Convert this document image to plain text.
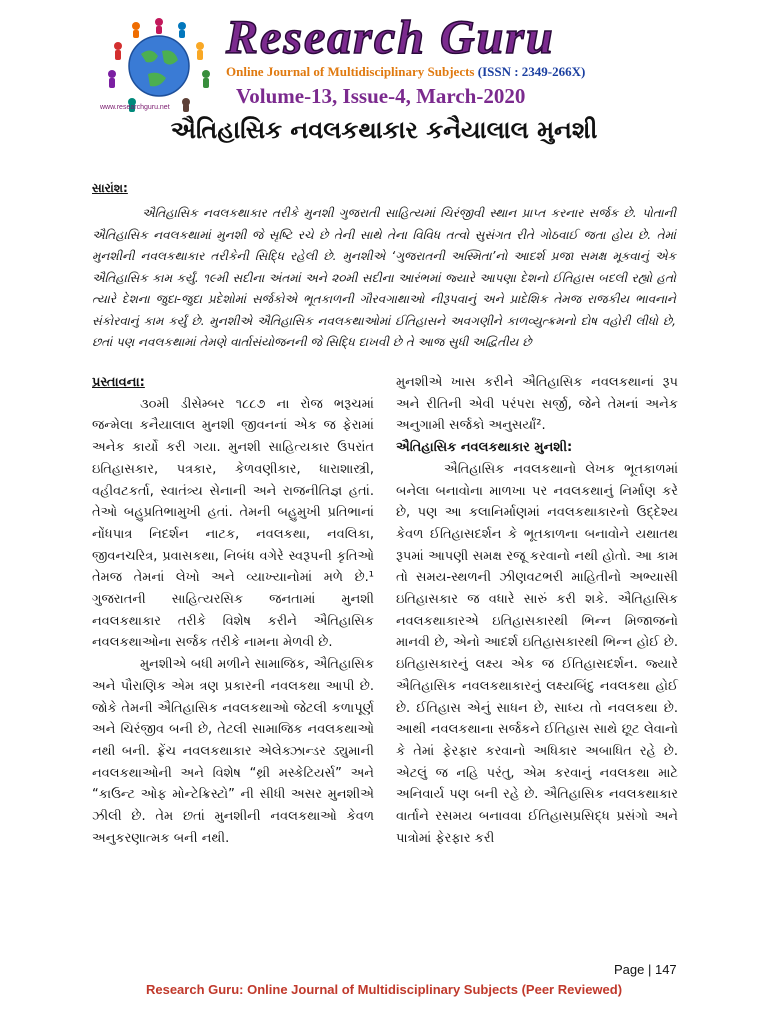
www.researchguru.net
Research Guru
Online Journal of Multidisciplinary Subjects (ISSN : 2349-266X)
Volume-13, Issue-4, March-2020
ઐતિહાસિક નવલકથાકાર કનૈયાલાલ મુનશી
સારાંશ:
ઐતિહાસિક નવલકથાકાર તરીકે મુનશી ગુજરાતી સાહિત્યમાં ચિરંજીવી સ્થાન પ્રાપ્ત કરનાર સર્જક છે. પોતાની ઐતિહાસિક નવલકથામાં મુનશી જે સૃષ્ટિ રચે છે તેની સાથે તેના વિવિધ તત્વો સુસંગત રીતે ગોઠવાઈ જતા હોય છે. તેમાં મુનશીની નવલકથાકાર તરીકેની સિદ્ધિ રહેલી છે. મુનશીએ ‘ગુજરાતની અસ્મિતા’નો આદર્શ પ્રજા સમક્ષ મૂકવાનું એક ઐતિહાસિક કામ કર્યું. ૧૯મી સદીના અંતમાં અને ૨૦મી સદીના આરંભમાં જ્યારે આપણા દેશનો ઈતિહાસ બદલી રહ્યો હતો ત્યારે દેશના જુદા-જુદા પ્રદેશોમાં સર્જકોએ ભૂતકાળની ગૌરવગાથાઓ નીરૂપવાનું અને પ્રાદેશિક તેમજ રાજકીય ભાવનાને સંકોરવાનું કામ કર્યું છે. મુનશીએ ઐતિહાસિક નવલકથાઓમાં ઈતિહાસને અવગણીને કાળવ્યુત્ક્રમનો દોષ વહોરી લીધો છે, છતાં પણ નવલકથામાં તેમણે વાર્તાસંયોજનની જે સિદ્ધિ દાખવી છે તે આજ સુધી અદ્વિતીય છે

પ્રસ્તાવના:

૩૦મી ડીસેમ્બર ૧૮૮૭ ના રોજ ભરૂચમાં જન્મેલા કનૈયાલાલ મુનશી જીવનનાં એક જ ફેરામાં અનેક કાર્યો કરી ગયા. મુનશી સાહિત્યકાર ઉપરાંત ઇતિહાસકાર, પત્રકાર, કેળવણીકાર, ધારાશાસ્ત્રી, વહીવટકર્તા, સ્વાતંત્ર્ય સેનાની અને રાજનીતિજ્ઞ હતાં. તેઓ બહુપ્રતિભામુખી હતાં. તેમની બહુમુખી પ્રતિભાનાં નોંધપાત્ર નિદર્શન નાટક, નવલકથા, નવલિકા, જીવનચરિત્ર, પ્રવાસકથા, નિબંધ વગેરે સ્વરૂપની કૃતિઓ તેમજ તેમનાં લેખો અને વ્યાખ્યાનોમાં મળે છે.¹ ગુજરાતની સાહિત્યરસિક જનતામાં મુનશી નવલકથાકાર તરીકે વિશેષ કરીને ઐતિહાસિક નવલકથાઓના સર્જક તરીકે નામના મેળવી છે.

મુનશીએ બધી મળીને સામાજિક, ઐતિહાસિક અને પૌરાણિક એમ ત્રણ પ્રકારની નવલકથા આપી છે. જોકે તેમની ઐતિહાસિક નવલકથાઓ જેટલી કળાપૂર્ણ અને ચિરંજીવ બની છે, તેટલી સામાજિક નવલકથાઓ નથી બની. ફ્રેંચ નવલકથાકાર એલેક્ઝાન્ડર ડ્યુમાની નવલકથાઓની અને વિશેષ “થ્રી મસ્કેટિયર્સ” અને “કાઉન્ટ ઓફ મોન્ટેક્રિસ્ટો” ની સીધી અસર મુનશીએ ઝીલી છે. તેમ છતાં મુનશીની નવલકથાઓ કેવળ અનુકરણાત્મક બની નથી.

મુનશીએ ખાસ કરીને ઐતિહાસિક નવલકથાનાં રૂપ અને રીતિની એવી પરંપરા સર્જી, જેને તેમનાં અનેક અનુગામી સર્જકો અનુસર્યાં².

ઐતિહાસિક નવલકથાકાર મુનશી:

ઐતિહાસિક નવલકથાનો લેખક ભૂતકાળમાં બનેલા બનાવોના માળખા પર નવલકથાનું નિર્માણ કરે છે, પણ આ કલાનિર્માણમાં નવલકથાકારનો ઉદ્દેશ્ય કેવળ ઈતિહાસદર્શન કે ભૂતકાળના બનાવોને યથાતથ રૂપમાં આપણી સમક્ષ રજૂ કરવાનો નથી હોતો. આ કામ તો સમય-સ્થળની ઝીણવટભરી માહિતીનો અભ્યાસી ઇતિહાસકાર જ વધારે સારું કરી શકે. ઐતિહાસિક નવલકથાકારએ ઇતિહાસકારથી ભિન્ન મિજાજનો માનવી છે, એનો આદર્શ ઇતિહાસકારથી ભિન્ન હોઈ છે. ઇતિહાસકારનું લક્ષ્ય એક જ ઈતિહાસદર્શન. જ્યારે ઐતિહાસિક નવલકથાકારનું લક્ષ્યબિંદુ નવલકથા હોઈ છે. ઈતિહાસ એનું સાધન છે, સાધ્ય તો નવલકથા છે. આથી નવલકથાના સર્જકને ઈતિહાસ સાથે છૂટ લેવાનો કે તેમાં ફેરફાર કરવાનો અધિકાર અબાધિત રહે છે. એટલું જ નહિ પરંતુ, એમ કરવાનું નવલકથા માટે અનિવાર્ય પણ બની રહે છે. ઐતિહાસિક નવલકથાકાર વાર્તાને રસમય બનાવવા ઈતિહાસપ્રસિદ્ધ પ્રસંગો અને પાત્રોમાં ફેરફાર કરી

Page | 147
Research Guru: Online Journal of Multidisciplinary Subjects (Peer Reviewed)
